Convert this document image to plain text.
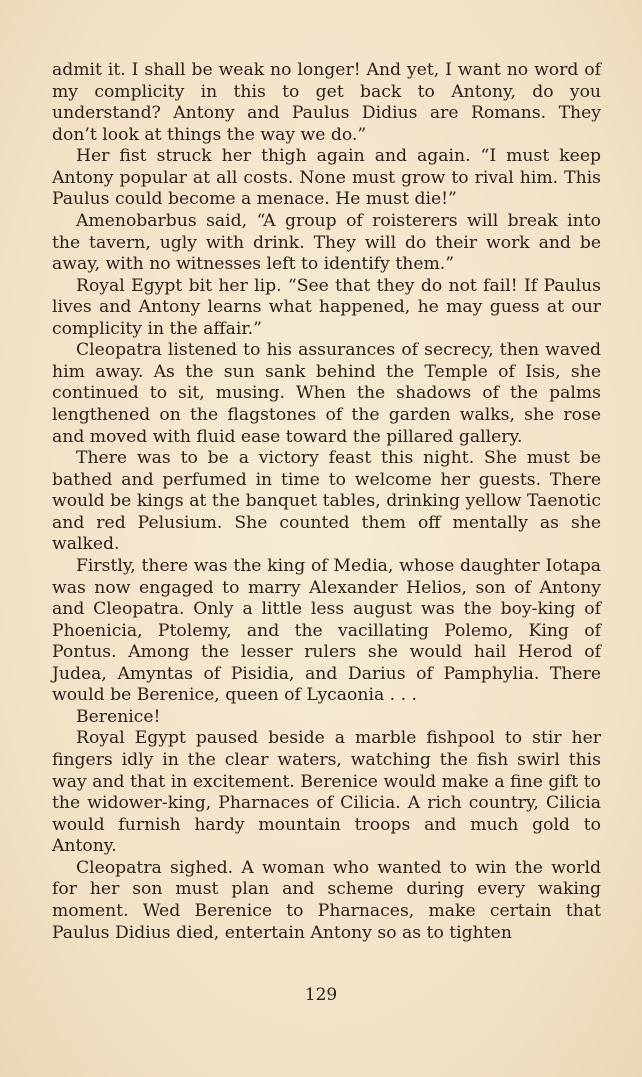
admit it. I shall be weak no longer! And yet, I want no word of my complicity in this to get back to Antony, do you understand? Antony and Paulus Didius are Romans. They don’t look at things the way we do.”

Her fist struck her thigh again and again. “I must keep Antony popular at all costs. None must grow to rival him. This Paulus could become a menace. He must die!”

Amenobarbus said, “A group of roisterers will break into the tavern, ugly with drink. They will do their work and be away, with no witnesses left to identify them.”

Royal Egypt bit her lip. “See that they do not fail! If Paulus lives and Antony learns what happened, he may guess at our complicity in the affair.”

Cleopatra listened to his assurances of secrecy, then waved him away. As the sun sank behind the Temple of Isis, she continued to sit, musing. When the shadows of the palms lengthened on the flagstones of the garden walks, she rose and moved with fluid ease toward the pillared gallery.

There was to be a victory feast this night. She must be bathed and perfumed in time to welcome her guests. There would be kings at the banquet tables, drinking yellow Taenotic and red Pelusium. She counted them off mentally as she walked.

Firstly, there was the king of Media, whose daughter Iotapa was now engaged to marry Alexander Helios, son of Antony and Cleopatra. Only a little less august was the boy-king of Phoenicia, Ptolemy, and the vacillating Polemo, King of Pontus. Among the lesser rulers she would hail Herod of Judea, Amyntas of Pisidia, and Darius of Pamphylia. There would be Berenice, queen of Lycaonia . . .

Berenice!

Royal Egypt paused beside a marble fishpool to stir her fingers idly in the clear waters, watching the fish swirl this way and that in excitement. Berenice would make a fine gift to the widower-king, Pharnaces of Cilicia. A rich country, Cilicia would furnish hardy mountain troops and much gold to Antony.

Cleopatra sighed. A woman who wanted to win the world for her son must plan and scheme during every waking moment. Wed Berenice to Pharnaces, make certain that Paulus Didius died, entertain Antony so as to tighten

129
